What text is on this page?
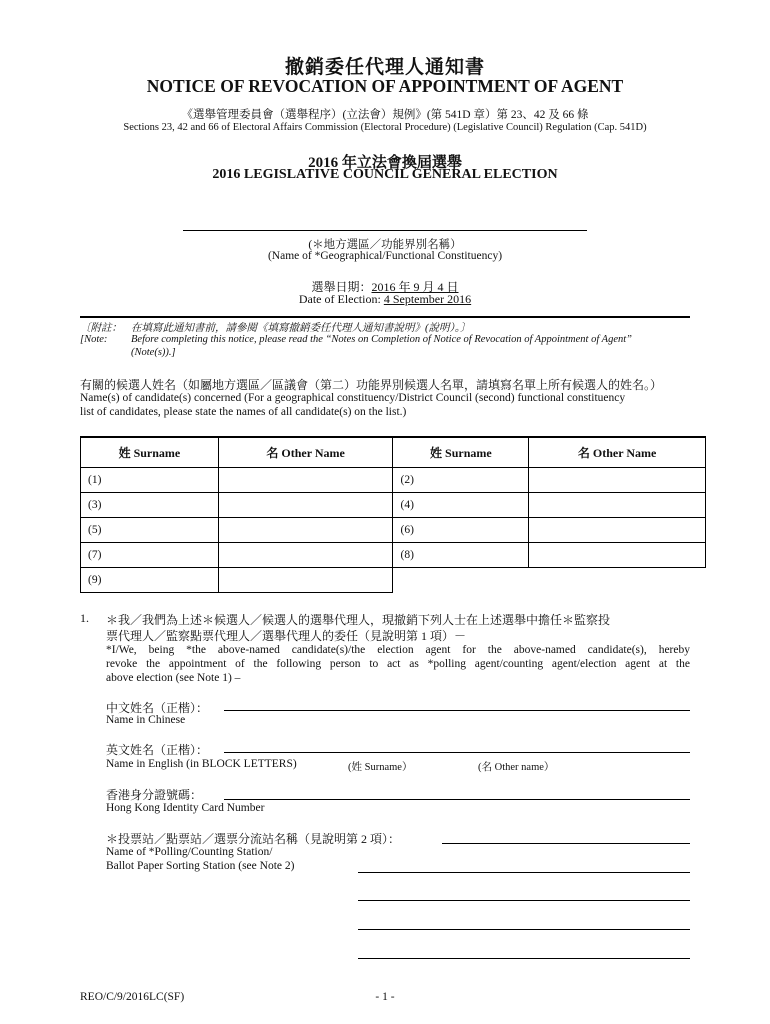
撤銷委任代理人通知書
NOTICE OF REVOCATION OF APPOINTMENT OF AGENT
《選舉管理委員會（選舉程序）(立法會）規例》(第 541D 章）第 23、42 及 66 條
Sections 23, 42 and 66 of Electoral Affairs Commission (Electoral Procedure) (Legislative Council) Regulation (Cap. 541D)
2016 年立法會換屆選舉
2016 LEGISLATIVE COUNCIL GENERAL ELECTION
(＊地方選區／功能界別名稱）
(Name of *Geographical/Functional Constituency)
選舉日期：2016 年 9 月 4 日
Date of Election: 4 September 2016
〔附註： 在填寫此通知書前，請參閱《填寫撤銷委任代理人通知書說明》(說明）。〕
[Note: Before completing this notice, please read the “Notes on Completion of Notice of Revocation of Appointment of Agent”
(Note(s)).]
有關的候選人姓名（如屬地方選區／區議會（第二）功能界別候選人名單，請填寫名單上所有候選人的姓名。）
Name(s) of candidate(s) concerned (For a geographical constituency/District Council (second) functional constituency
list of candidates, please state the names of all candidate(s) on the list.)
姓 Surname	名 Other Name	姓 Surname	名 Other Name
(1)		(2)	
(3)		(4)	
(5)		(6)	
(7)		(8)	
(9)			
1. ＊我／我們為上述＊候選人／候選人的選舉代理人，現撤銷下列人士在上述選舉中擔任＊監察投
票代理人／監察點票代理人／選舉代理人的委任（見說明第 1 項）－
*I/We, being *the above-named candidate(s)/the election agent for the above-named candidate(s), hereby
revoke the appointment of the following person to act as *polling agent/counting agent/election agent at the
above election (see Note 1) –
中文姓名（正楷）：
Name in Chinese
英文姓名（正楷）：
Name in English (in BLOCK LETTERS)	(姓 Surname）	(名 Other name）
香港身分證號碼：
Hong Kong Identity Card Number
＊投票站／點票站／選票分流站名稱（見說明第 2 項）：
Name of *Polling/Counting Station/
Ballot Paper Sorting Station (see Note 2)
REO/C/9/2016LC(SF)	- 1 -
